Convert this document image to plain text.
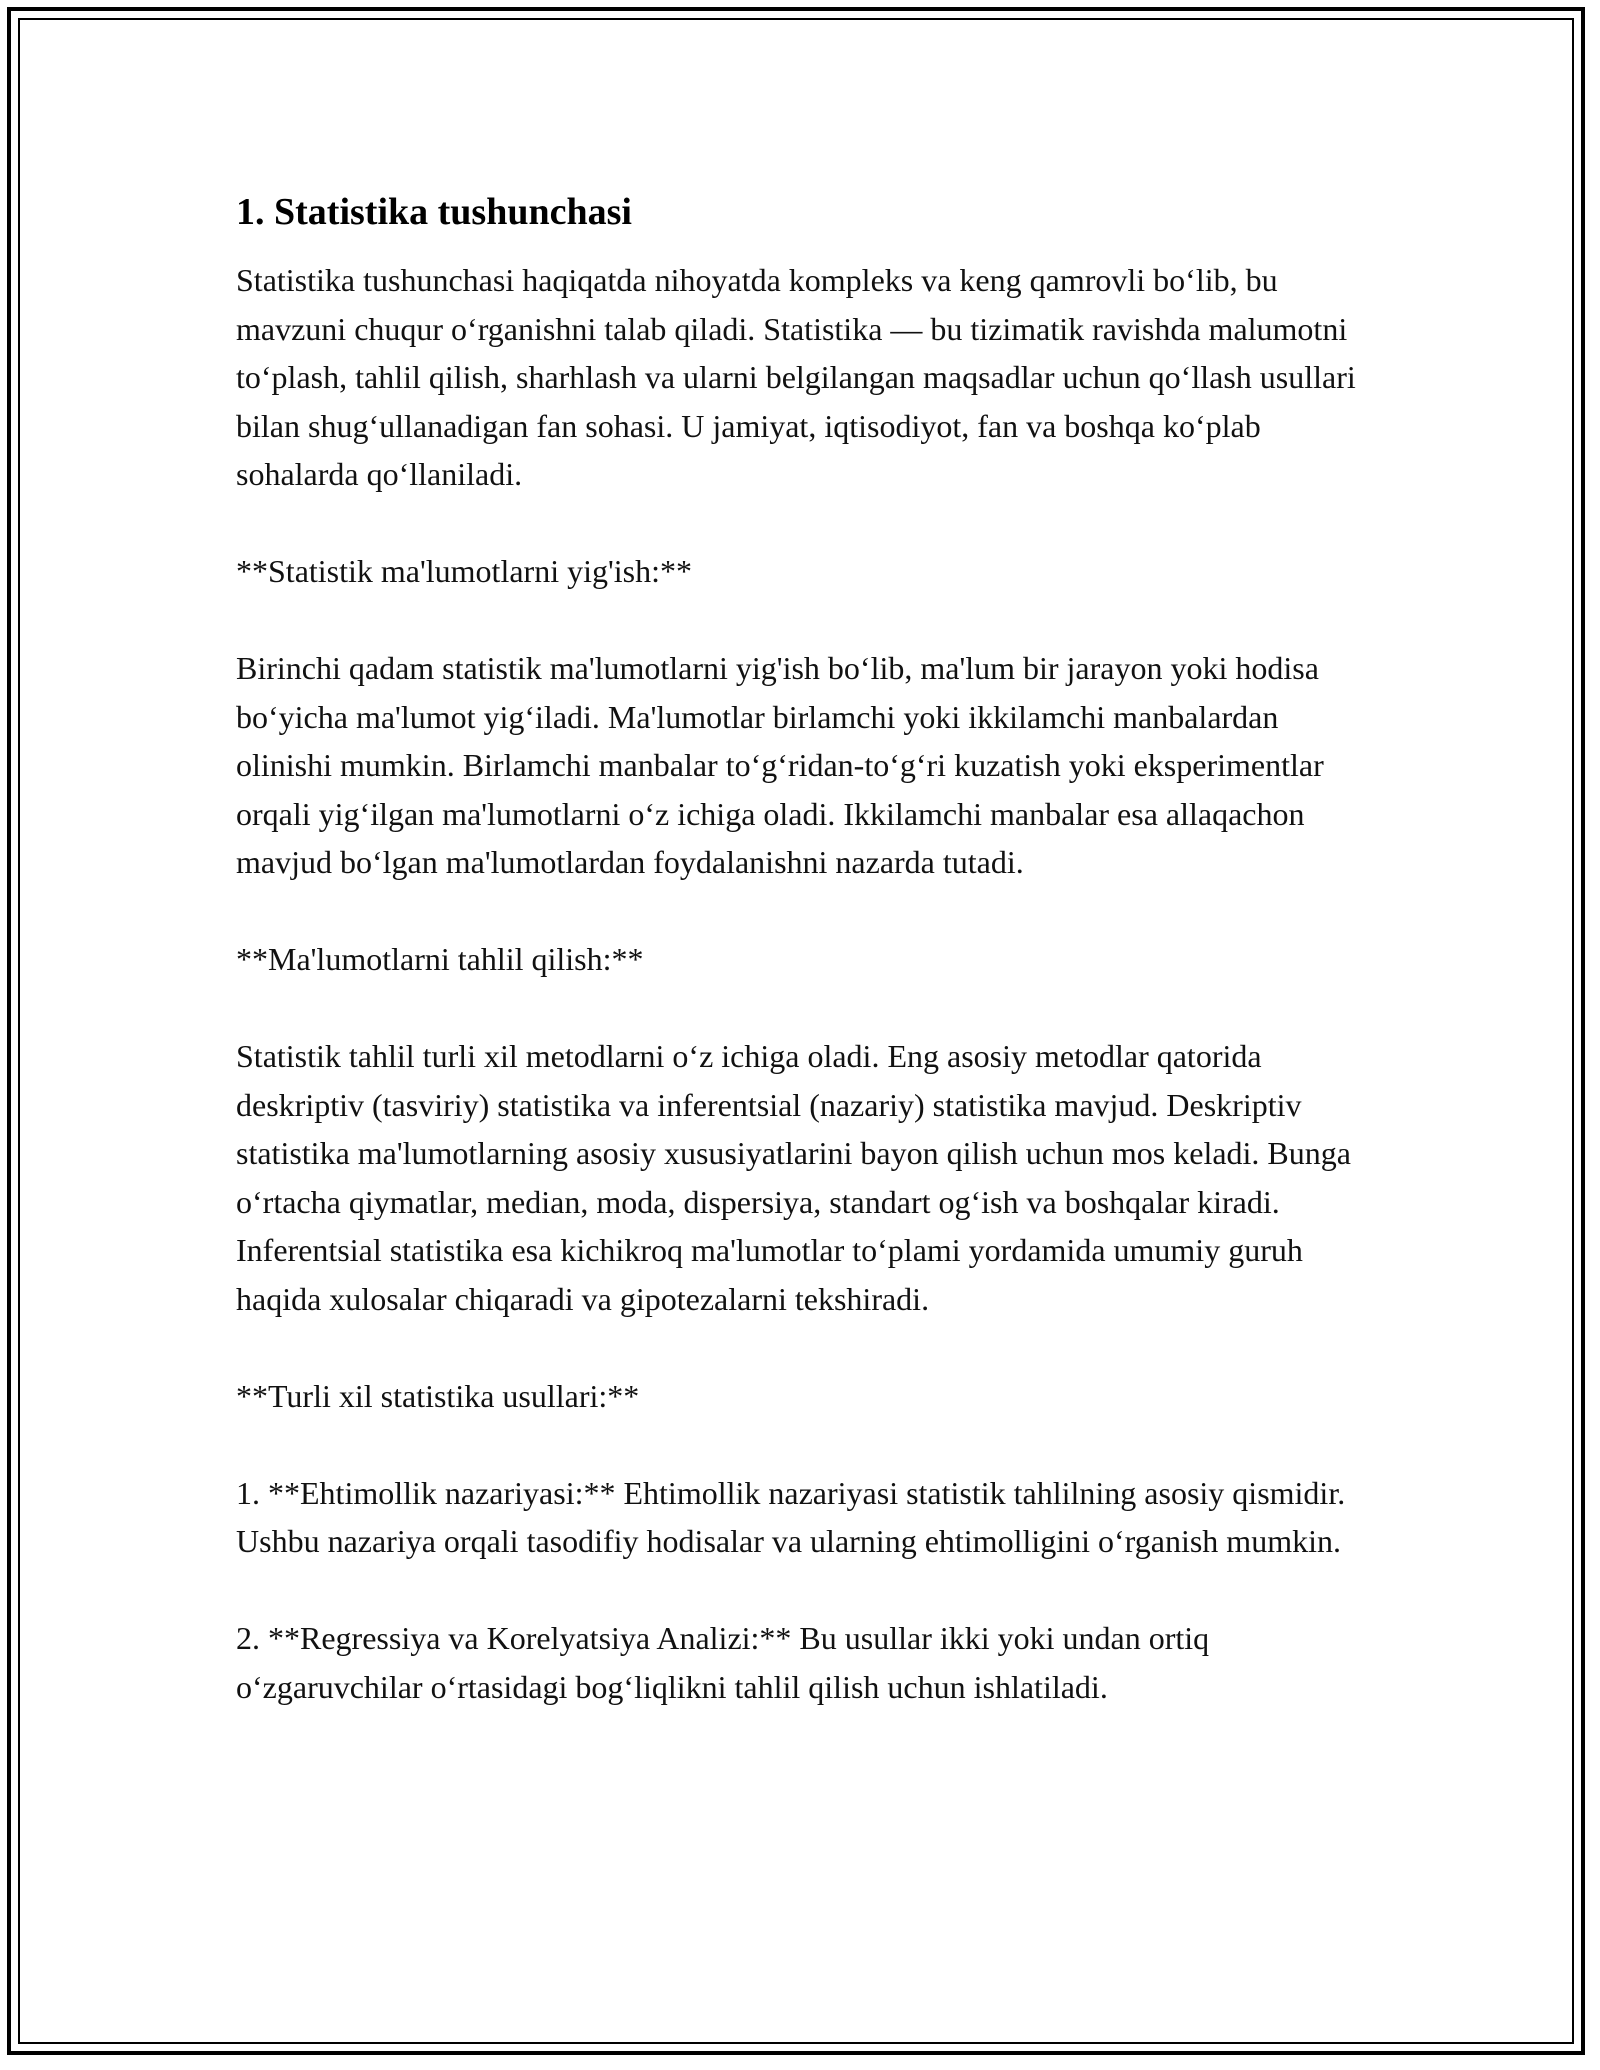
1. Statistika tushunchasi

Statistika tushunchasi haqiqatda nihoyatda kompleks va keng qamrovli bo‘lib, bu mavzuni chuqur o‘rganishni talab qiladi. Statistika — bu tizimatik ravishda malumotni to‘plash, tahlil qilish, sharhlash va ularni belgilangan maqsadlar uchun qo‘llash usullari bilan shug‘ullanadigan fan sohasi. U jamiyat, iqtisodiyot, fan va boshqa ko‘plab sohalarda qo‘llaniladi.

**Statistik ma'lumotlarni yig'ish:**

Birinchi qadam statistik ma'lumotlarni yig'ish bo‘lib, ma'lum bir jarayon yoki hodisa bo‘yicha ma'lumot yig‘iladi. Ma'lumotlar birlamchi yoki ikkilamchi manbalardan olinishi mumkin. Birlamchi manbalar to‘g‘ridan-to‘g‘ri kuzatish yoki eksperimentlar orqali yig‘ilgan ma'lumotlarni o‘z ichiga oladi. Ikkilamchi manbalar esa allaqachon mavjud bo‘lgan ma'lumotlardan foydalanishni nazarda tutadi.

**Ma'lumotlarni tahlil qilish:**

Statistik tahlil turli xil metodlarni o‘z ichiga oladi. Eng asosiy metodlar qatorida deskriptiv (tasviriy) statistika va inferentsial (nazariy) statistika mavjud. Deskriptiv statistika ma'lumotlarning asosiy xususiyatlarini bayon qilish uchun mos keladi. Bunga o‘rtacha qiymatlar, median, moda, dispersiya, standart og‘ish va boshqalar kiradi. Inferentsial statistika esa kichikroq ma'lumotlar to‘plami yordamida umumiy guruh haqida xulosalar chiqaradi va gipotezalarni tekshiradi.

**Turli xil statistika usullari:**

1. **Ehtimollik nazariyasi:** Ehtimollik nazariyasi statistik tahlilning asosiy qismidir. Ushbu nazariya orqali tasodifiy hodisalar va ularning ehtimolligini o‘rganish mumkin.

2. **Regressiya va Korelyatsiya Analizi:** Bu usullar ikki yoki undan ortiq o‘zgaruvchilar o‘rtasidagi bog‘liqlikni tahlil qilish uchun ishlatiladi.
